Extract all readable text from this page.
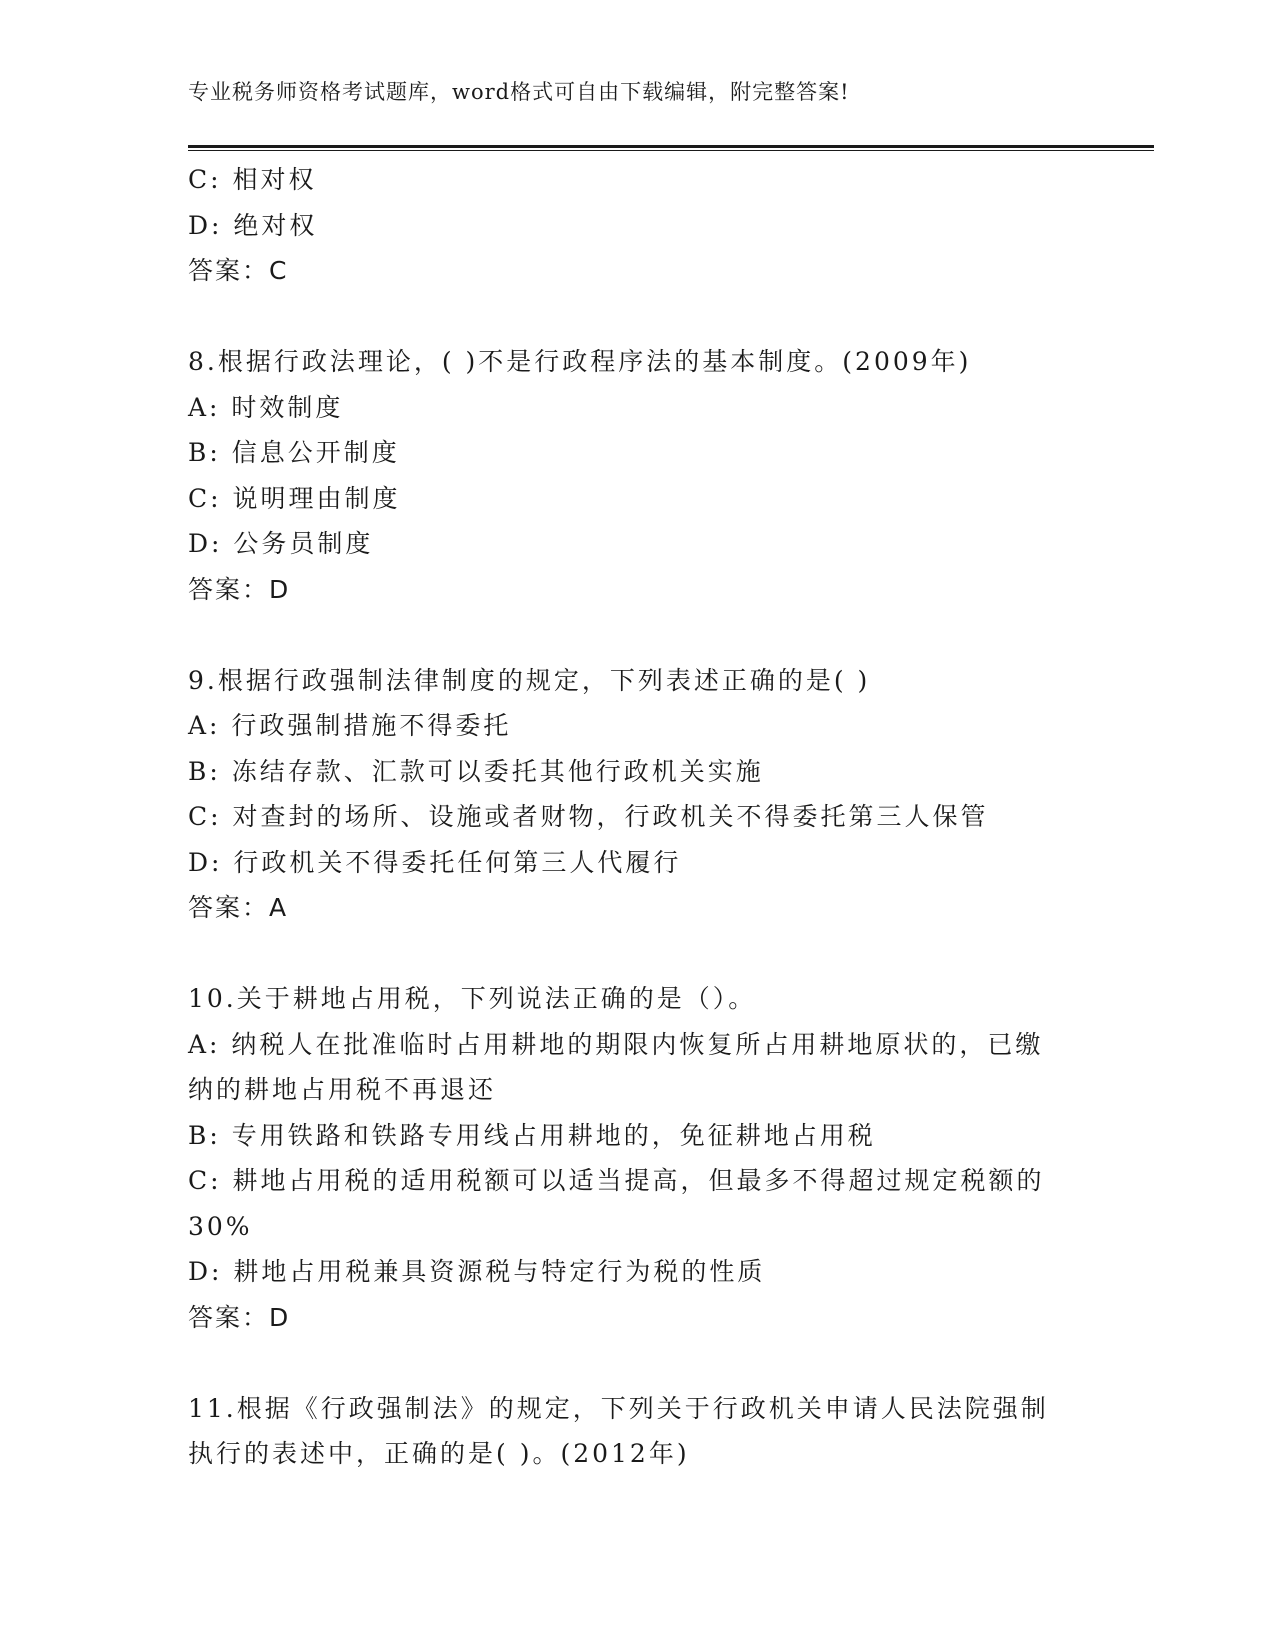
专业税务师资格考试题库，word格式可自由下载编辑，附完整答案!
C: 相对权
D: 绝对权
答案：C
8.根据行政法理论，( )不是行政程序法的基本制度。(2009年)
A: 时效制度
B: 信息公开制度
C: 说明理由制度
D: 公务员制度
答案：D
9.根据行政强制法律制度的规定，下列表述正确的是( )
A: 行政强制措施不得委托
B: 冻结存款、汇款可以委托其他行政机关实施
C: 对查封的场所、设施或者财物，行政机关不得委托第三人保管
D: 行政机关不得委托任何第三人代履行
答案：A
10.关于耕地占用税，下列说法正确的是（）。
A: 纳税人在批准临时占用耕地的期限内恢复所占用耕地原状的，已缴
纳的耕地占用税不再退还
B: 专用铁路和铁路专用线占用耕地的，免征耕地占用税
C: 耕地占用税的适用税额可以适当提高，但最多不得超过规定税额的
30%
D: 耕地占用税兼具资源税与特定行为税的性质
答案：D
11.根据《行政强制法》的规定，下列关于行政机关申请人民法院强制
执行的表述中，正确的是( )。(2012年)
